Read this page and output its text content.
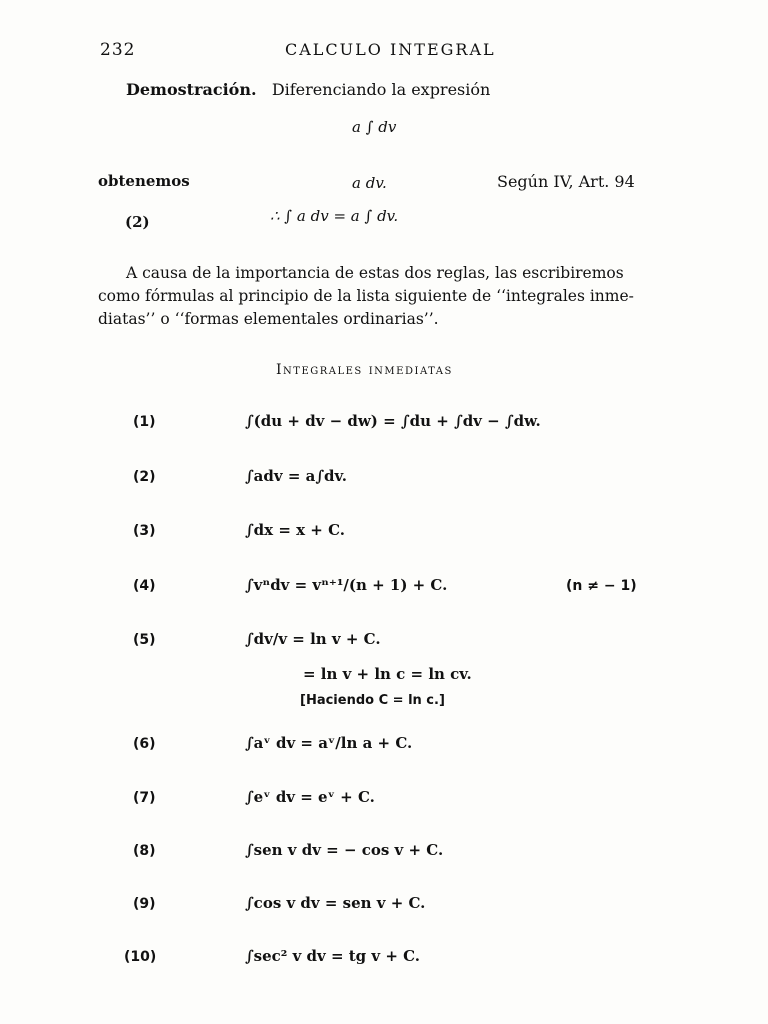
232	CALCULO INTEGRAL
Demostración. Diferenciando la expresión
a ∫ dv
obtenemos	a dv.	Según IV, Art. 94
(2)	∴ ∫ a dv = a ∫ dv.
A causa de la importancia de estas dos reglas, las escribiremos
como fórmulas al principio de la lista siguiente de ‘‘integrales inme-
diatas’’ o ‘‘formas elementales ordinarias’’.
Integrales inmediatas
(1)	∫(du + dv − dw) = ∫du + ∫dv − ∫dw.
(2)	∫adv = a∫dv.
(3)	∫dx = x + C.
(4)	∫vⁿdv = vⁿ⁺¹/(n + 1) + C.	(n ≠ − 1)
(5)	∫dv/v = ln v + C.
= ln v + ln c = ln cv.
[Haciendo C = ln c.]
(6)	∫aᵛ dv = aᵛ/ln a + C.
(7)	∫eᵛ dv = eᵛ + C.
(8)	∫sen v dv = − cos v + C.
(9)	∫cos v dv = sen v + C.
(10)	∫sec² v dv = tg v + C.
